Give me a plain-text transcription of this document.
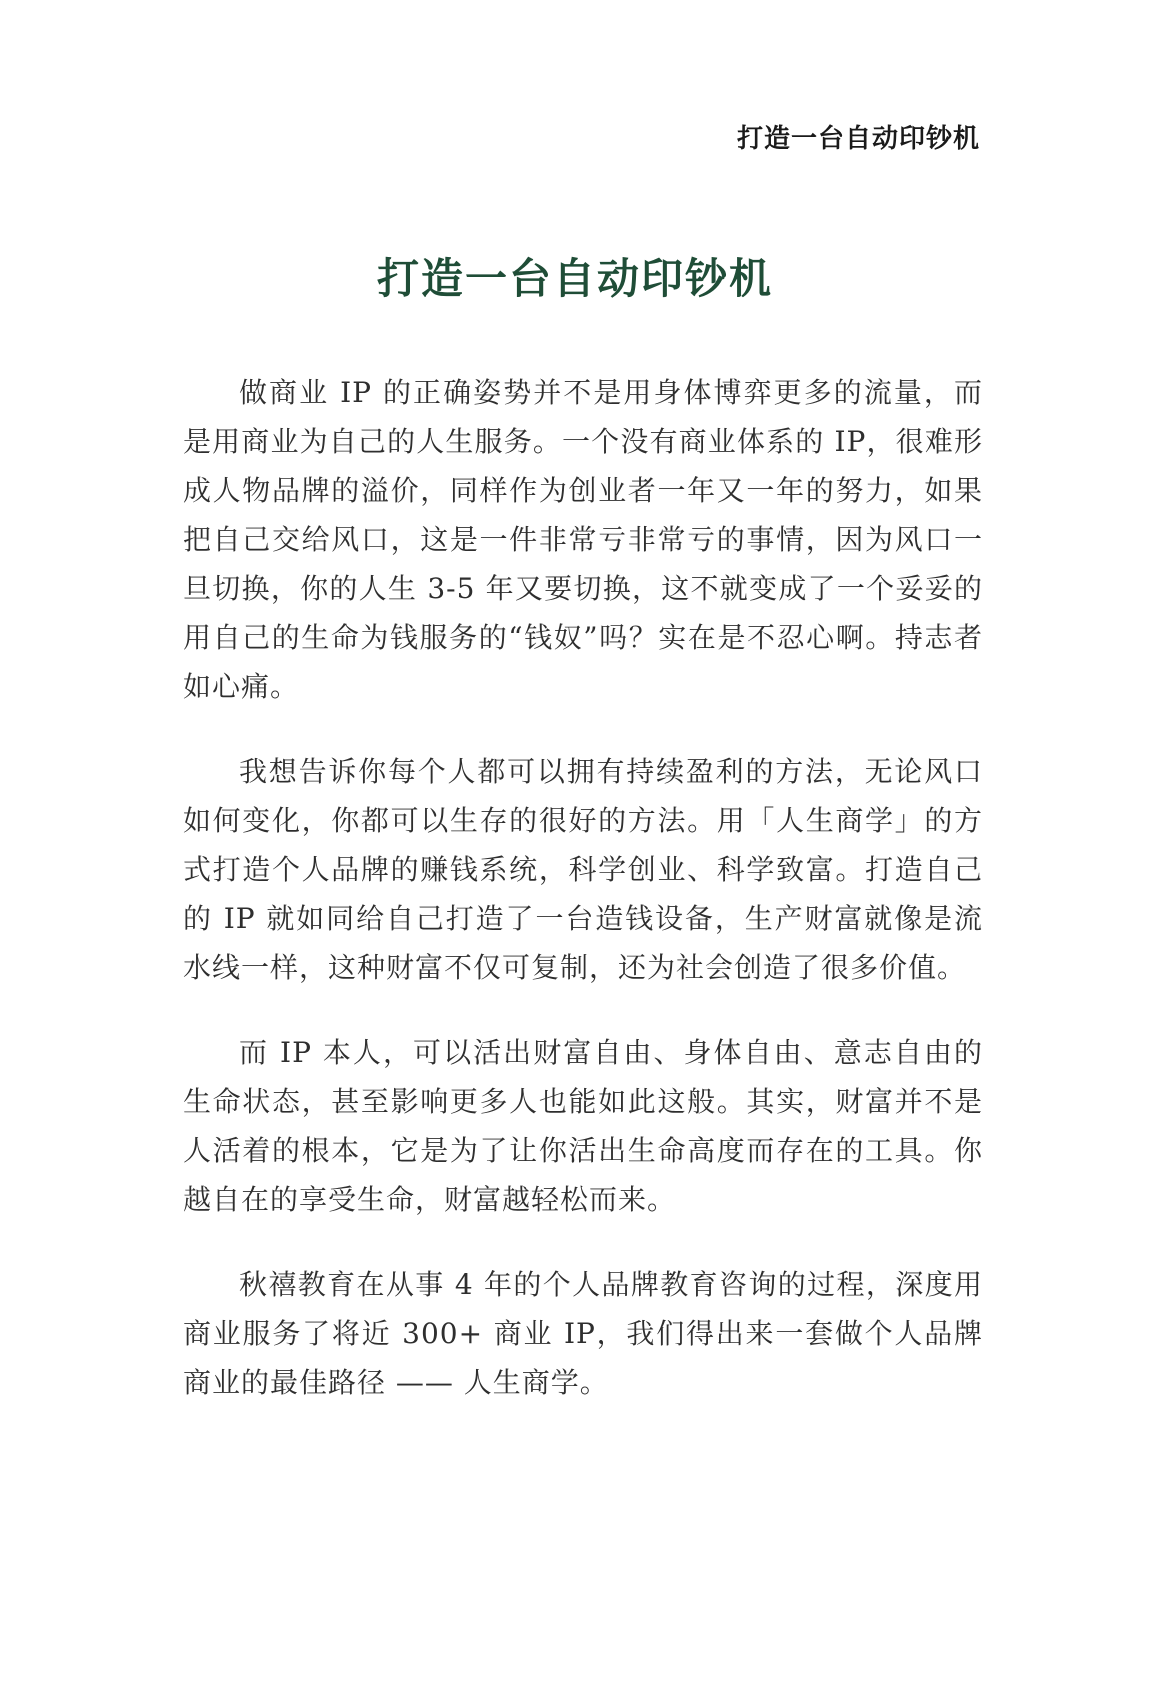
打造一台自动印钞机
打造一台自动印钞机

做商业 IP 的正确姿势并不是用身体博弈更多的流量，而是用商业为自己的人生服务。一个没有商业体系的 IP，很难形成人物品牌的溢价，同样作为创业者一年又一年的努力，如果把自己交给风口，这是一件非常亏非常亏的事情，因为风口一旦切换，你的人生 3-5 年又要切换，这不就变成了一个妥妥的用自己的生命为钱服务的“钱奴”吗？实在是不忍心啊。持志者如心痛。

我想告诉你每个人都可以拥有持续盈利的方法，无论风口如何变化，你都可以生存的很好的方法。用「人生商学」的方式打造个人品牌的赚钱系统，科学创业、科学致富。打造自己的 IP 就如同给自己打造了一台造钱设备，生产财富就像是流水线一样，这种财富不仅可复制，还为社会创造了很多价值。

而 IP 本人，可以活出财富自由、身体自由、意志自由的生命状态，甚至影响更多人也能如此这般。其实，财富并不是人活着的根本，它是为了让你活出生命高度而存在的工具。你越自在的享受生命，财富越轻松而来。

秋禧教育在从事 4 年的个人品牌教育咨询的过程，深度用商业服务了将近 300+ 商业 IP，我们得出来一套做个人品牌商业的最佳路径 —— 人生商学。
